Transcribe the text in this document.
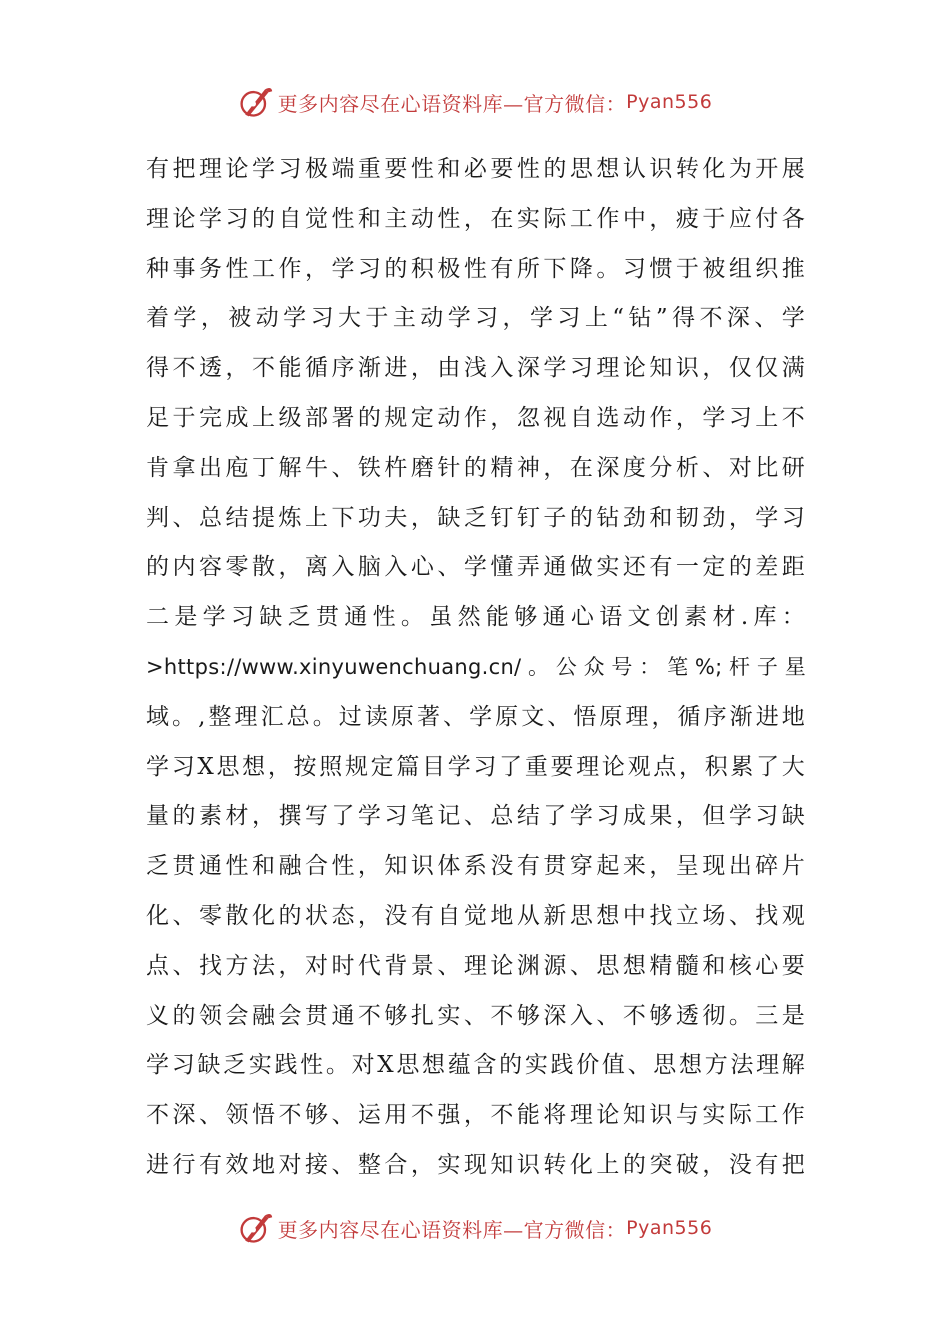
更多内容尽在心语资料库—官方微信： Pyan556
有把理论学习极端重要性和必要性的思想认识转化为开展
理论学习的自觉性和主动性，在实际工作中，疲于应付各
种事务性工作，学习的积极性有所下降。习惯于被组织推
着学，被动学习大于主动学习，学习上“钻”得不深、学
得不透，不能循序渐进，由浅入深学习理论知识，仅仅满
足于完成上级部署的规定动作，忽视自选动作，学习上不
肯拿出庖丁解牛、铁杵磨针的精神，在深度分析、对比研
判、总结提炼上下功夫，缺乏钉钉子的钻劲和韧劲，学习
的内容零散，离入脑入心、学懂弄通做实还有一定的差距
二是学习缺乏贯通性。虽然能够通心语文创素材.库：
>https://www.xinyuwenchuang.cn/。公众号：笔%;杆子星
域。,整理汇总。过读原著、学原文、悟原理，循序渐进地
学习X思想，按照规定篇目学习了重要理论观点，积累了大
量的素材，撰写了学习笔记、总结了学习成果，但学习缺
乏贯通性和融合性，知识体系没有贯穿起来，呈现出碎片
化、零散化的状态，没有自觉地从新思想中找立场、找观
点、找方法，对时代背景、理论渊源、思想精髓和核心要
义的领会融会贯通不够扎实、不够深入、不够透彻。三是
学习缺乏实践性。对X思想蕴含的实践价值、思想方法理解
不深、领悟不够、运用不强，不能将理论知识与实际工作
进行有效地对接、整合，实现知识转化上的突破，没有把
更多内容尽在心语资料库—官方微信： Pyan556
